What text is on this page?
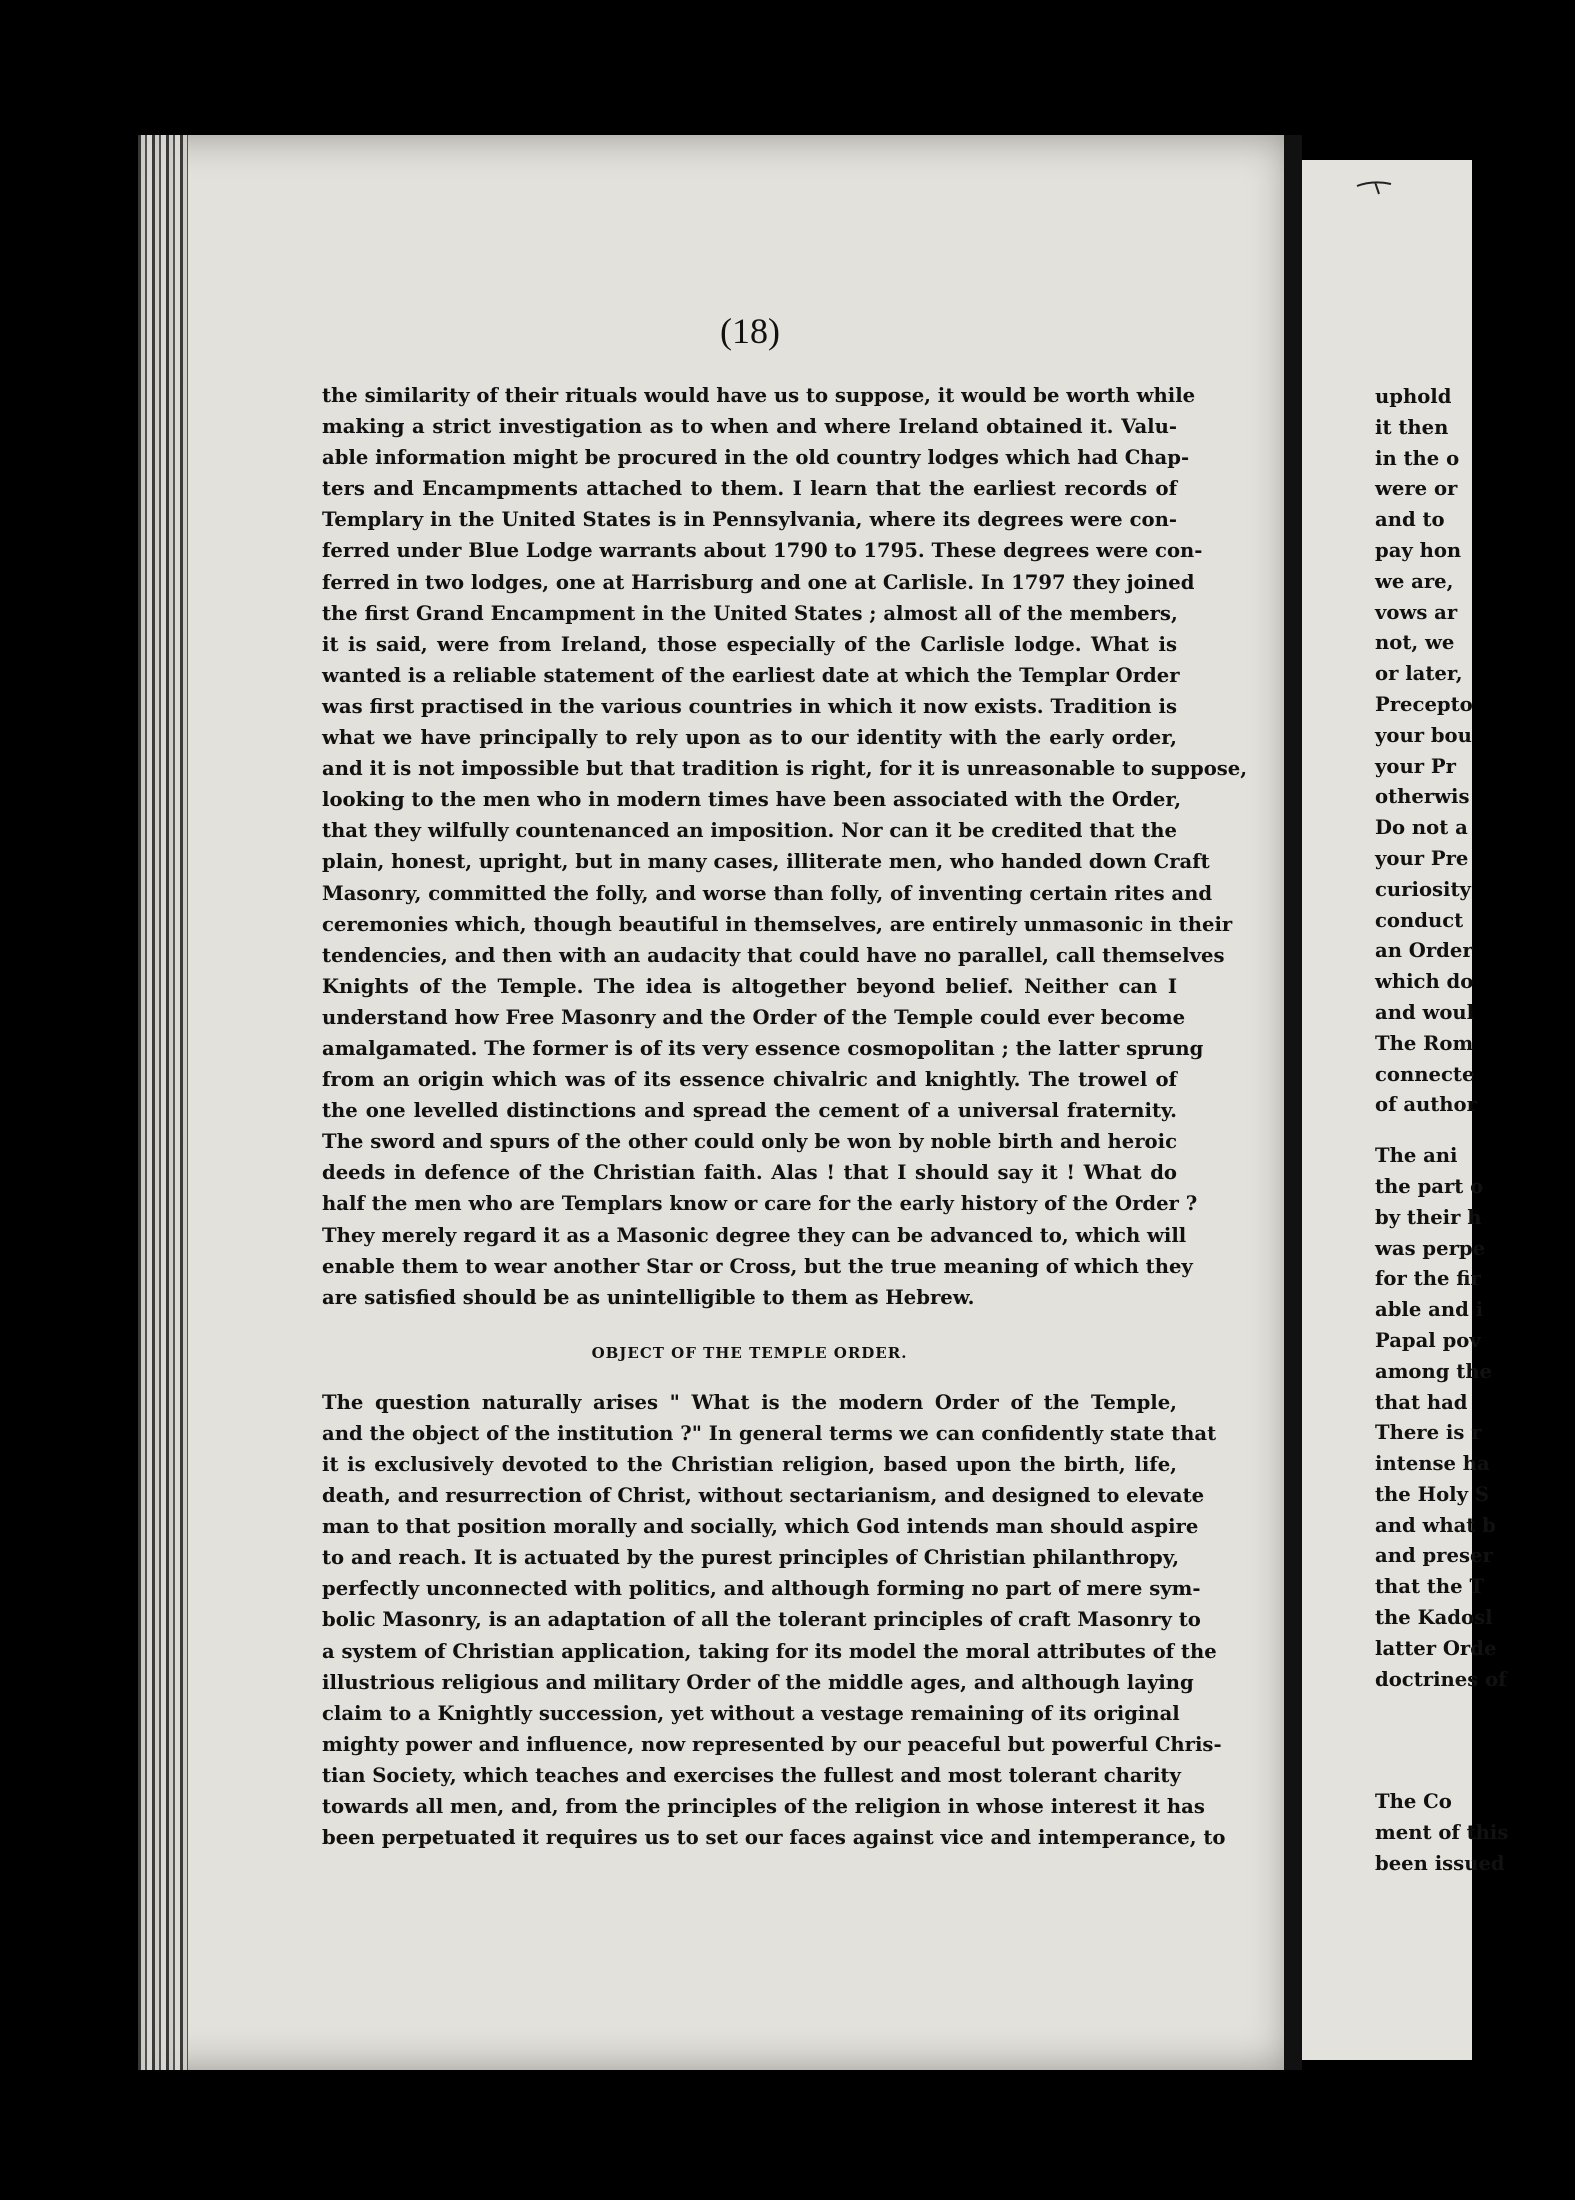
(18)
the similarity of their rituals would have us to suppose, it would be worth while
making a strict investigation as to when and where Ireland obtained it. Valu-
able information might be procured in the old country lodges which had Chap-
ters and Encampments attached to them. I learn that the earliest records of
Templary in the United States is in Pennsylvania, where its degrees were con-
ferred under Blue Lodge warrants about 1790 to 1795. These degrees were con-
ferred in two lodges, one at Harrisburg and one at Carlisle. In 1797 they joined
the first Grand Encampment in the United States ; almost all of the members,
it is said, were from Ireland, those especially of the Carlisle lodge. What is
wanted is a reliable statement of the earliest date at which the Templar Order
was first practised in the various countries in which it now exists. Tradition is
what we have principally to rely upon as to our identity with the early order,
and it is not impossible but that tradition is right, for it is unreasonable to suppose,
looking to the men who in modern times have been associated with the Order,
that they wilfully countenanced an imposition. Nor can it be credited that the
plain, honest, upright, but in many cases, illiterate men, who handed down Craft
Masonry, committed the folly, and worse than folly, of inventing certain rites and
ceremonies which, though beautiful in themselves, are entirely unmasonic in their
tendencies, and then with an audacity that could have no parallel, call themselves
Knights of the Temple. The idea is altogether beyond belief. Neither can I
understand how Free Masonry and the Order of the Temple could ever become
amalgamated. The former is of its very essence cosmopolitan ; the latter sprung
from an origin which was of its essence chivalric and knightly. The trowel of
the one levelled distinctions and spread the cement of a universal fraternity.
The sword and spurs of the other could only be won by noble birth and heroic
deeds in defence of the Christian faith. Alas ! that I should say it ! What do
half the men who are Templars know or care for the early history of the Order ?
They merely regard it as a Masonic degree they can be advanced to, which will
enable them to wear another Star or Cross, but the true meaning of which they
are satisfied should be as unintelligible to them as Hebrew.
OBJECT OF THE TEMPLE ORDER.
The question naturally arises " What is the modern Order of the Temple,
and the object of the institution ?" In general terms we can confidently state that
it is exclusively devoted to the Christian religion, based upon the birth, life,
death, and resurrection of Christ, without sectarianism, and designed to elevate
man to that position morally and socially, which God intends man should aspire
to and reach. It is actuated by the purest principles of Christian philanthropy,
perfectly unconnected with politics, and although forming no part of mere sym-
bolic Masonry, is an adaptation of all the tolerant principles of craft Masonry to
a system of Christian application, taking for its model the moral attributes of the
illustrious religious and military Order of the middle ages, and although laying
claim to a Knightly succession, yet without a vestage remaining of its original
mighty power and influence, now represented by our peaceful but powerful Chris-
tian Society, which teaches and exercises the fullest and most tolerant charity
towards all men, and, from the principles of the religion in whose interest it has
been perpetuated it requires us to set our faces against vice and intemperance, to
uphold
it then
in the o
were or
and to
pay hon
we are,
vows ar
not, we
or later,
Precepto
your bou
your Pr
otherwis
Do not a
your Pre
curiosity
conduct
an Order
which do
and woul
The Rom
connecte
of author
The ani
the part o
by their h
was perpe
for the fir
able and i
Papal pov
among the
that had
There is r
intense ha
the Holy S
and what b
and preser
that the T
the Kadosl
latter Orde
doctrines of
The Co
ment of this
been issued
